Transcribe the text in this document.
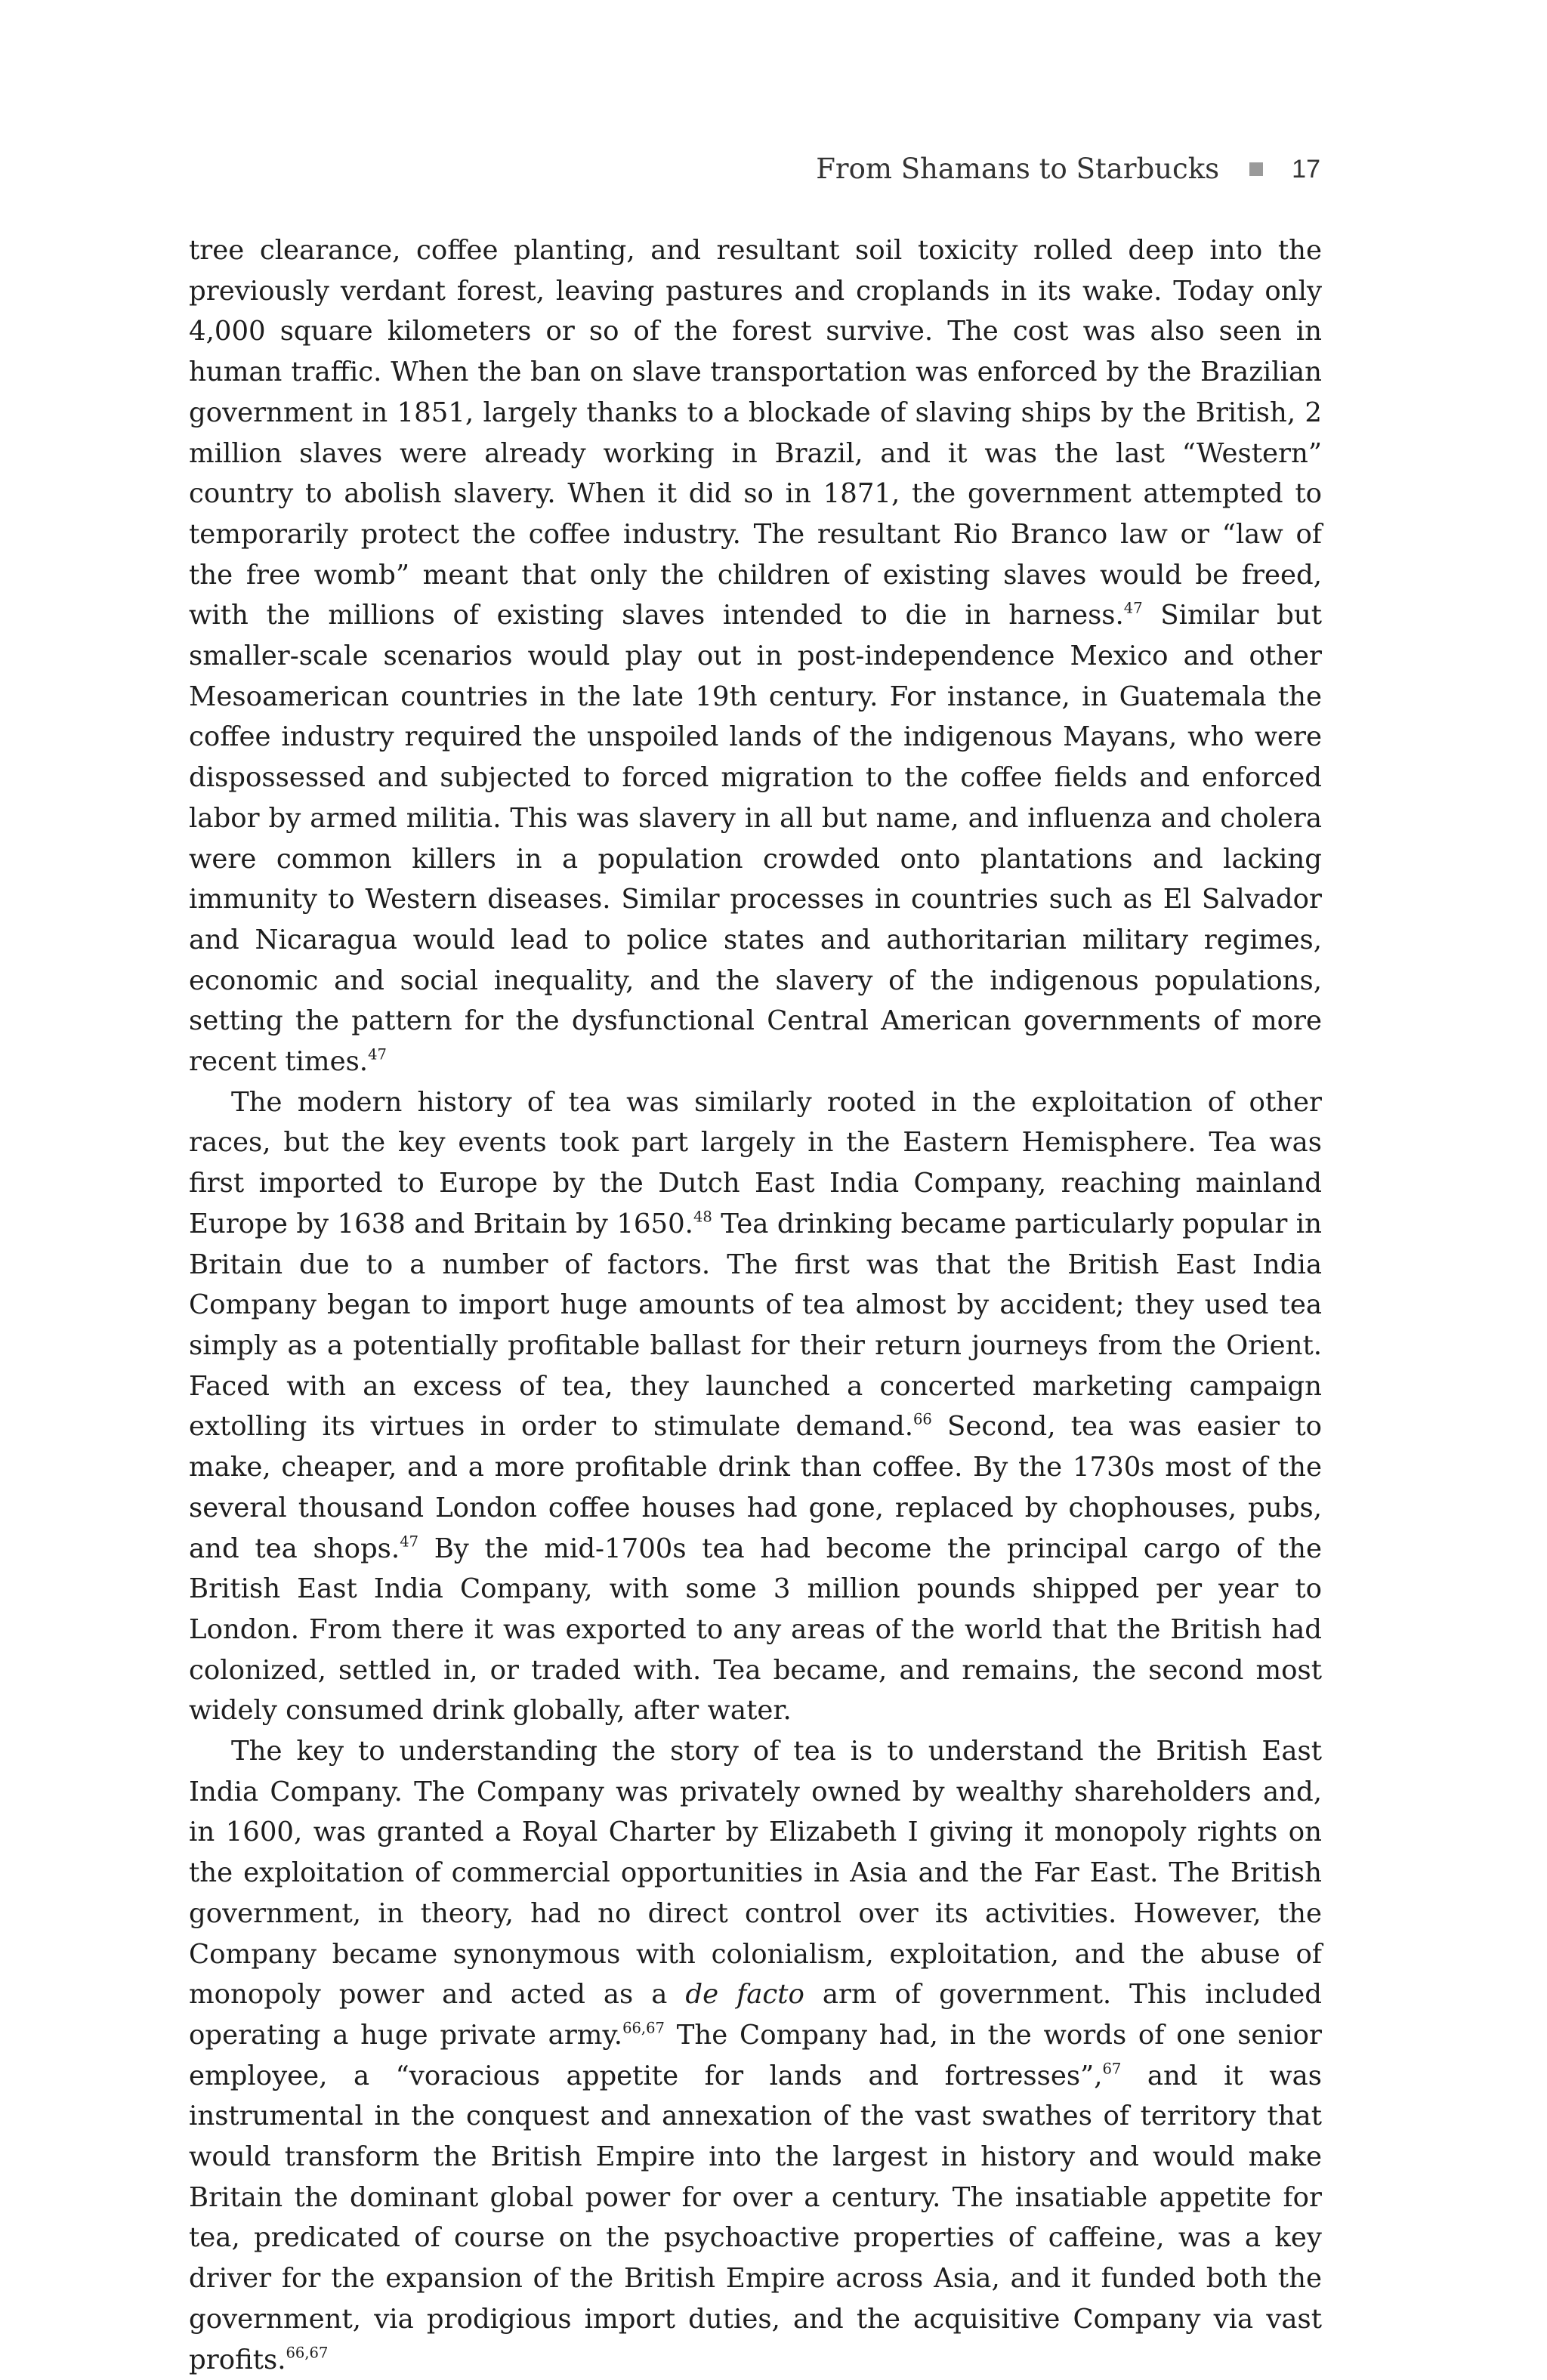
From Shamans to Starbucks	17

tree clearance, coffee planting, and resultant soil toxicity rolled deep into the previously verdant forest, leaving pastures and croplands in its wake. Today only 4,000 square kilometers or so of the forest survive. The cost was also seen in human traffic. When the ban on slave transportation was enforced by the Brazilian government in 1851, largely thanks to a blockade of slaving ships by the British, 2 million slaves were already working in Brazil, and it was the last “Western” country to abolish slavery. When it did so in 1871, the government attempted to temporarily protect the coffee industry. The resultant Rio Branco law or “law of the free womb” meant that only the children of existing slaves would be freed, with the millions of existing slaves intended to die in harness.$^{47}$ Similar but smaller-scale scenarios would play out in post-independence Mexico and other Mesoamerican countries in the late 19th century. For instance, in Guatemala the coffee industry required the unspoiled lands of the indigenous Mayans, who were dispossessed and subjected to forced migration to the coffee fields and enforced labor by armed militia. This was slavery in all but name, and influenza and cholera were common killers in a population crowded onto plantations and lacking immunity to Western diseases. Similar processes in countries such as El Salvador and Nicaragua would lead to police states and authoritarian military regimes, economic and social inequality, and the slavery of the indigenous populations, setting the pattern for the dysfunctional Central American governments of more recent times.$^{47}$

The modern history of tea was similarly rooted in the exploitation of other races, but the key events took part largely in the Eastern Hemisphere. Tea was first imported to Europe by the Dutch East India Company, reaching mainland Europe by 1638 and Britain by 1650.48 Tea drinking became particularly popular in Britain due to a number of factors. The first was that the British East India Company began to import huge amounts of tea almost by accident; they used tea simply as a potentially profitable ballast for their return journeys from the Orient. Faced with an excess of tea, they launched a concerted marketing campaign extolling its virtues in order to stimulate demand.$^{66}$ Second, tea was easier to make, cheaper, and a more profitable drink than coffee. By the 1730s most of the several thousand London coffee houses had gone, replaced by chophouses, pubs, and tea shops.$^{47}$ By the mid-1700s tea had become the principal cargo of the British East India Company, with some 3 million pounds shipped per year to London. From there it was exported to any areas of the world that the British had colonized, settled in, or traded with. Tea became, and remains, the second most widely consumed drink globally, after water.

The key to understanding the story of tea is to understand the British East India Company. The Company was privately owned by wealthy shareholders and, in 1600, was granted a Royal Charter by Elizabeth I giving it monopoly rights on the exploitation of commercial opportunities in Asia and the Far East. The British government, in theory, had no direct control over its activities. However, the Company became synonymous with colonialism, exploitation, and the abuse of monopoly power and acted as a de facto arm of government. This included operating a huge private army.$^{66,67}$ The Company had, in the words of one senior employee, a “voracious appetite for lands and fortresses”,$^{67}$ and it was instrumental in the conquest and annexation of the vast swathes of territory that would transform the British Empire into the largest in history and would make Britain the dominant global power for over a century. The insatiable appetite for tea, predicated of course on the psychoactive properties of caffeine, was a key driver for the expansion of the British Empire across Asia, and it funded both the government, via prodigious import duties, and the acquisitive Company via vast profits.$^{66,67}$
